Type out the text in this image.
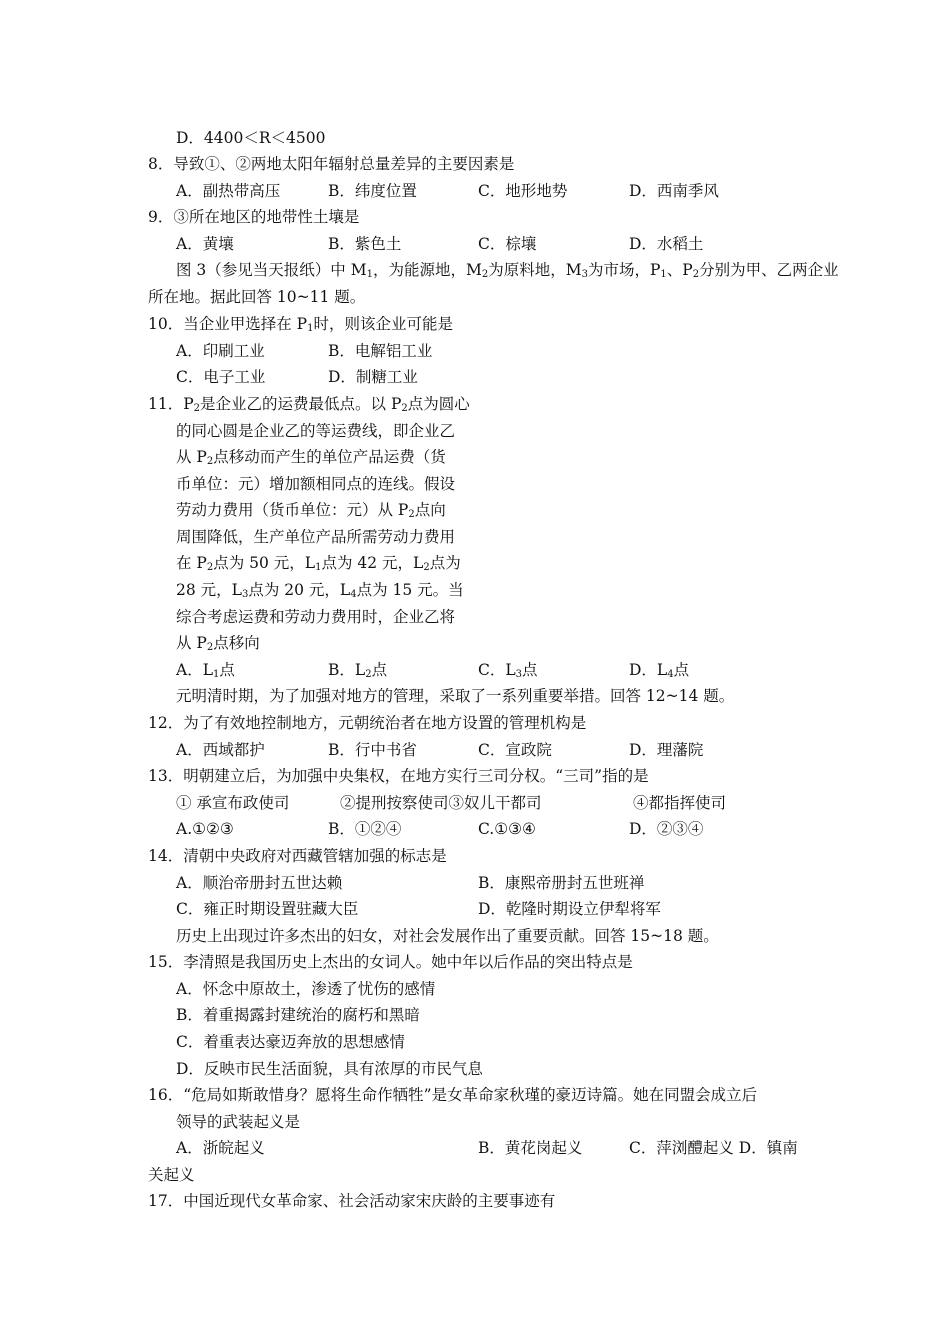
D．4400＜R＜4500
8．导致①、②两地太阳年辐射总量差异的主要因素是
A．副热带高压	B．纬度位置	C．地形地势	D．西南季风
9．③所在地区的地带性土壤是
A．黄壤	B．紫色土	C．棕壤	D．水稻土
图 3（参见当天报纸）中 $M_1$，为能源地，$M_2$为原料地，$M_3$为市场，$P_1$、$P_2$分别为甲、乙两企业
所在地。据此回答 10~11 题。
10．当企业甲选择在 $P_1$时，则该企业可能是
A．印刷工业	B．电解铝工业
C．电子工业	D．制糖工业
11．$P_2$是企业乙的运费最低点。以 $P_2$点为圆心
的同心圆是企业乙的等运费线，即企业乙
从 $P_2$点移动而产生的单位产品运费（货
币单位：元）增加额相同点的连线。假设
劳动力费用（货币单位：元）从 $P_2$点向
周围降低，生产单位产品所需劳动力费用
在 $P_2$点为 50 元，$L_1$点为 42 元，$L_2$点为
28 元，$L_3$点为 20 元，$L_4$点为 15 元。当
综合考虑运费和劳动力费用时，企业乙将
从 $P_2$点移向
A．$L_1$点	B．$L_2$点	C．$L_3$点	D．$L_4$点
元明清时期，为了加强对地方的管理，采取了一系列重要举措。回答 12~14 题。
12．为了有效地控制地方，元朝统治者在地方设置的管理机构是
A．西域都护	B．行中书省	C．宣政院	D．理藩院
13．明朝建立后，为加强中央集权，在地方实行三司分权。“三司”指的是
① 承宣布政使司	②提刑按察使司③奴儿干都司	④都指挥使司
A.①②③	B．①②④	C.①③④	D．②③④
14．清朝中央政府对西藏管辖加强的标志是
A．顺治帝册封五世达赖	B．康熙帝册封五世班禅
C．雍正时期设置驻藏大臣	D．乾隆时期设立伊犁将军
历史上出现过许多杰出的妇女，对社会发展作出了重要贡献。回答 15~18 题。
15．李清照是我国历史上杰出的女词人。她中年以后作品的突出特点是
A．怀念中原故土，渗透了忧伤的感情
B．着重揭露封建统治的腐朽和黑暗
C．着重表达豪迈奔放的思想感情
D．反映市民生活面貌，具有浓厚的市民气息
16．“危局如斯敢惜身？愿将生命作牺牲”是女革命家秋瑾的豪迈诗篇。她在同盟会成立后
领导的武装起义是
A．浙皖起义	B．黄花岗起义	C．萍浏醴起义 D．镇南
关起义
17．中国近现代女革命家、社会活动家宋庆龄的主要事迹有
